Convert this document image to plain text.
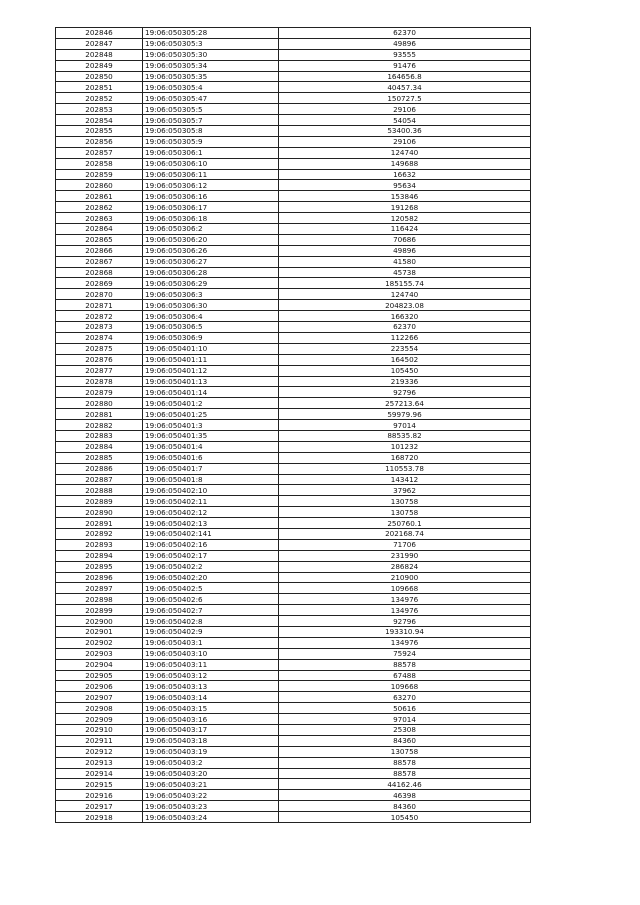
202846	19:06:050305:28	62370
202847	19:06:050305:3	49896
202848	19:06:050305:30	93555
202849	19:06:050305:34	91476
202850	19:06:050305:35	164656.8
202851	19:06:050305:4	40457.34
202852	19:06:050305:47	150727.5
202853	19:06:050305:5	29106
202854	19:06:050305:7	54054
202855	19:06:050305:8	53400.36
202856	19:06:050305:9	29106
202857	19:06:050306:1	124740
202858	19:06:050306:10	149688
202859	19:06:050306:11	16632
202860	19:06:050306:12	95634
202861	19:06:050306:16	153846
202862	19:06:050306:17	191268
202863	19:06:050306:18	120582
202864	19:06:050306:2	116424
202865	19:06:050306:20	70686
202866	19:06:050306:26	49896
202867	19:06:050306:27	41580
202868	19:06:050306:28	45738
202869	19:06:050306:29	185155.74
202870	19:06:050306:3	124740
202871	19:06:050306:30	204823.08
202872	19:06:050306:4	166320
202873	19:06:050306:5	62370
202874	19:06:050306:9	112266
202875	19:06:050401:10	223554
202876	19:06:050401:11	164502
202877	19:06:050401:12	105450
202878	19:06:050401:13	219336
202879	19:06:050401:14	92796
202880	19:06:050401:2	257213.64
202881	19:06:050401:25	59979.96
202882	19:06:050401:3	97014
202883	19:06:050401:35	88535.82
202884	19:06:050401:4	101232
202885	19:06:050401:6	168720
202886	19:06:050401:7	110553.78
202887	19:06:050401:8	143412
202888	19:06:050402:10	37962
202889	19:06:050402:11	130758
202890	19:06:050402:12	130758
202891	19:06:050402:13	250760.1
202892	19:06:050402:141	202168.74
202893	19:06:050402:16	71706
202894	19:06:050402:17	231990
202895	19:06:050402:2	286824
202896	19:06:050402:20	210900
202897	19:06:050402:5	109668
202898	19:06:050402:6	134976
202899	19:06:050402:7	134976
202900	19:06:050402:8	92796
202901	19:06:050402:9	193310.94
202902	19:06:050403:1	134976
202903	19:06:050403:10	75924
202904	19:06:050403:11	88578
202905	19:06:050403:12	67488
202906	19:06:050403:13	109668
202907	19:06:050403:14	63270
202908	19:06:050403:15	50616
202909	19:06:050403:16	97014
202910	19:06:050403:17	25308
202911	19:06:050403:18	84360
202912	19:06:050403:19	130758
202913	19:06:050403:2	88578
202914	19:06:050403:20	88578
202915	19:06:050403:21	44162.46
202916	19:06:050403:22	46398
202917	19:06:050403:23	84360
202918	19:06:050403:24	105450
